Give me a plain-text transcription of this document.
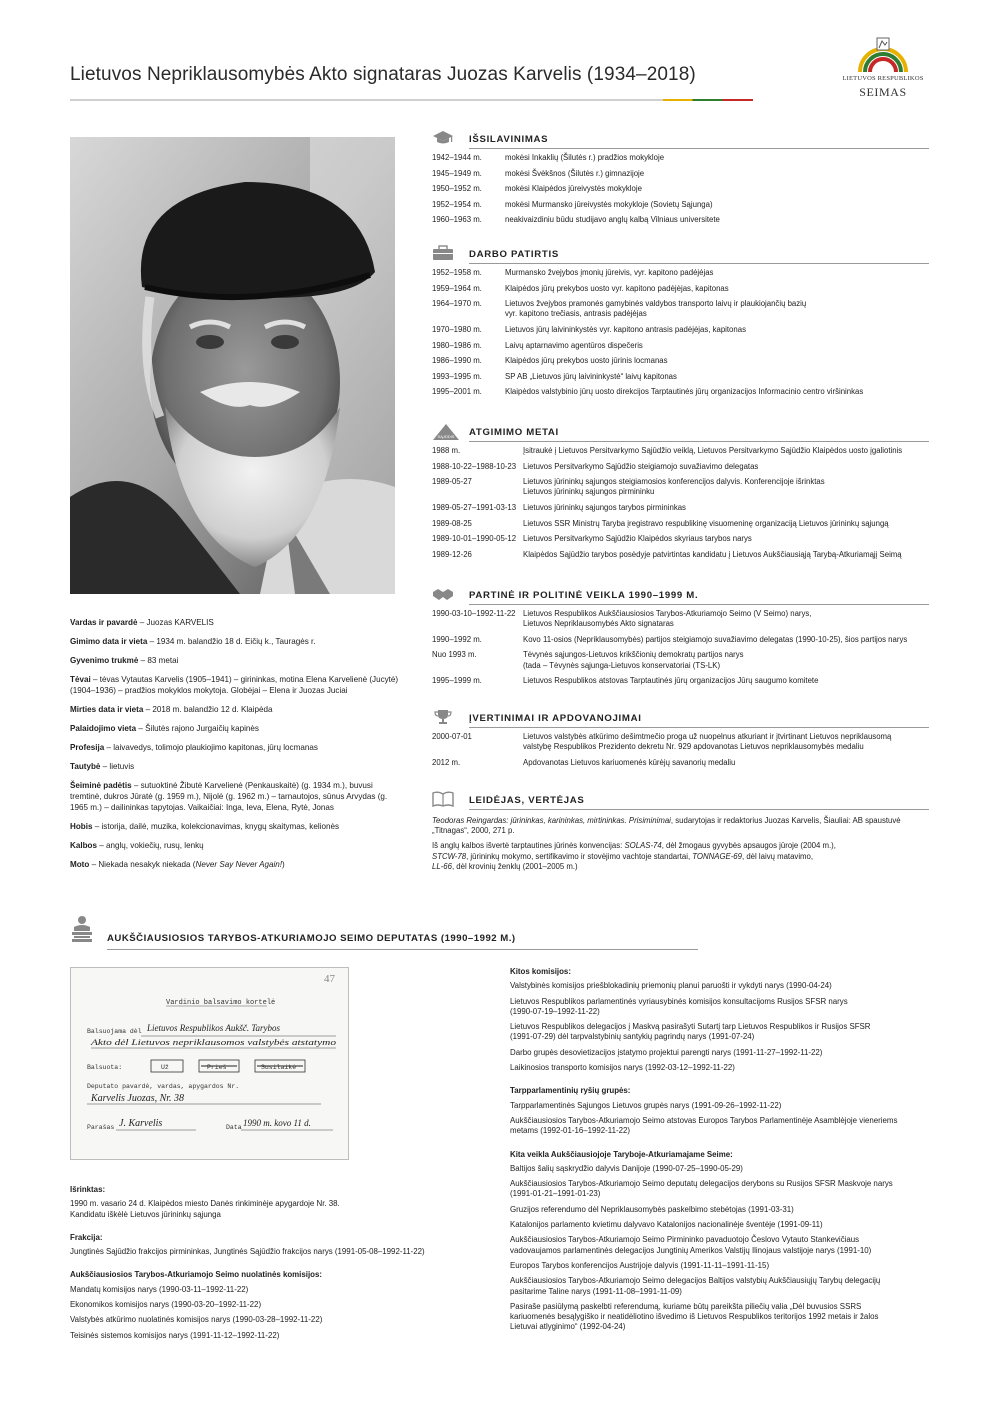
Lietuvos Nepriklausomybės Akto signataras Juozas Karvelis (1934–2018)	LIETUVOS RESPUBLIKOS
SEIMAS
Vardas ir pavardė – Juozas KARVELIS
Gimimo data ir vieta – 1934 m. balandžio 18 d. Eičių k., Tauragės r.
Gyvenimo trukmė – 83 metai
Tėvai – tėvas Vytautas Karvelis (1905–1941) – girininkas, motina Elena Karvelienė (Jucytė) (1904–1936) – pradžios mokyklos mokytoja. Globėjai – Elena ir Juozas Juciai
Mirties data ir vieta – 2018 m. balandžio 12 d. Klaipėda
Palaidojimo vieta – Šilutės rajono Jurgaičių kapinės
Profesija – laivavedys, tolimojo plaukiojimo kapitonas, jūrų locmanas
Tautybė – lietuvis
Šeiminė padėtis – sutuoktinė Žibutė Karvelienė (Penkauskaitė) (g. 1934 m.), buvusi tremtinė, dukros Jūratė (g. 1959 m.), Nijolė (g. 1962 m.) – tarnautojos, sūnus Arvydas (g. 1965 m.) – dailininkas tapytojas. Vaikaičiai: Inga, Ieva, Elena, Rytė, Jonas
Hobis – istorija, dailė, muzika, kolekcionavimas, knygų skaitymas, kelionės
Kalbos – anglų, vokiečių, rusų, lenkų
Moto – Niekada nesakyk niekada (Never Say Never Again!)
IŠSILAVINIMAS
1942–1944 m.	mokėsi Inkaklių (Šilutės r.) pradžios mokykloje
1945–1949 m.	mokėsi Švėkšnos (Šilutės r.) gimnazijoje
1950–1952 m.	mokėsi Klaipėdos jūreivystės mokykloje
1952–1954 m.	mokėsi Murmansko jūreivystės mokykloje (Sovietų Sąjunga)
1960–1963 m.	neakivaizdiniu būdu studijavo anglų kalbą Vilniaus universitete
DARBO PATIRTIS
1952–1958 m.	Murmansko žvejybos įmonių jūreivis, vyr. kapitono padėjėjas
1959–1964 m.	Klaipėdos jūrų prekybos uosto vyr. kapitono padėjėjas, kapitonas
1964–1970 m.	Lietuvos žvejybos pramonės gamybinės valdybos transporto laivų ir plaukiojančių bazių
vyr. kapitono trečiasis, antrasis padėjėjas
1970–1980 m.	Lietuvos jūrų laivininkystės vyr. kapitono antrasis padėjėjas, kapitonas
1980–1986 m.	Laivų aptarnavimo agentūros dispečeris
1986–1990 m.	Klaipėdos jūrų prekybos uosto jūrinis locmanas
1993–1995 m.	SP AB „Lietuvos jūrų laivininkystė“ laivų kapitonas
1995–2001 m.	Klaipėdos valstybinio jūrų uosto direkcijos Tarptautinės jūrų organizacijos Informacinio centro viršininkas
SĄJŪDIS ATGIMIMO METAI
1988 m.	Įsitraukė į Lietuvos Persitvarkymo Sąjūdžio veiklą, Lietuvos Persitvarkymo Sąjūdžio Klaipėdos uosto įgaliotinis
1988-10-22–1988-10-23 Lietuvos Persitvarkymo Sąjūdžio steigiamojo suvažiavimo delegatas
1989-05-27	Lietuvos jūrininkų sąjungos steigiamosios konferencijos dalyvis. Konferencijoje išrinktas
Lietuvos jūrininkų sąjungos pirmininku
1989-05-27–1991-03-13 Lietuvos jūrininkų sąjungos tarybos pirmininkas
1989-08-25	Lietuvos SSR Ministrų Taryba įregistravo respublikinę visuomeninę organizaciją Lietuvos jūrininkų sąjungą
1989-10-01–1990-05-12 Lietuvos Persitvarkymo Sąjūdžio Klaipėdos skyriaus tarybos narys
1989-12-26	Klaipėdos Sąjūdžio tarybos posėdyje patvirtintas kandidatu į Lietuvos Aukščiausiąją Tarybą-Atkuriamąjį Seimą
PARTINĖ IR POLITINĖ VEIKLA 1990–1999 M.
1990-03-10–1992-11-22 Lietuvos Respublikos Aukščiausiosios Tarybos-Atkuriamojo Seimo (V Seimo) narys,
Lietuvos Nepriklausomybės Akto signataras
1990–1992 m.	Kovo 11-osios (Nepriklausomybės) partijos steigiamojo suvažiavimo delegatas (1990-10-25), šios partijos narys
Nuo 1993 m.	Tėvynės sąjungos-Lietuvos krikščionių demokratų partijos narys
(tada – Tėvynės sąjunga-Lietuvos konservatoriai (TS-LK)
1995–1999 m.	Lietuvos Respublikos atstovas Tarptautinės jūrų organizacijos Jūrų saugumo komitete
ĮVERTINIMAI IR APDOVANOJIMAI
2000-07-01	Lietuvos valstybės atkūrimo dešimtmečio proga už nuopelnus atkuriant ir įtvirtinant Lietuvos nepriklausomą
valstybę Respublikos Prezidento dekretu Nr. 929 apdovanotas Lietuvos nepriklausomybės medaliu
2012 m.	Apdovanotas Lietuvos kariuomenės kūrėjų savanorių medaliu
LEIDĖJAS, VERTĖJAS
Teodoras Reingardas: jūrininkas, karininkas, mirtininkas. Prisiminimai, sudarytojas ir redaktorius Juozas Karvelis, Šiauliai: AB spaustuvė „Titnagas“, 2000, 271 p.
Iš anglų kalbos išvertė tarptautines jūrinės konvencijas: SOLAS-74, dėl žmogaus gyvybės apsaugos jūroje (2004 m.),
STCW-78, jūrininkų mokymo, sertifikavimo ir stovėjimo vachtoje standartai, TONNAGE-69, dėl laivų matavimo,
LL-66, dėl krovinių ženklų (2001–2005 m.)
AUKŠČIAUSIOSIOS TARYBOS-ATKURIAMOJO SEIMO DEPUTATAS (1990–1992 M.)
47
Vardinio balsavimo kortelė
Balsuojama dėl Lietuvos Respublikos Aukšč. Tarybos
Akto dėl Lietuvos nepriklausomos valstybės atstatymo
Balsuota:	Už	Prieš	Susilaikė
Deputato pavardė, vardas, apygardos Nr.
Karvelis Juozas, Nr. 38
Parašas J. Karvelis	Data 1990 m. kovo 11 d.
Išrinktas:
1990 m. vasario 24 d. Klaipėdos miesto Danės rinkiminėje apygardoje Nr. 38.
Kandidatu iškėlė Lietuvos jūrininkų sąjunga
Frakcija:
Jungtinės Sąjūdžio frakcijos pirmininkas, Jungtinės Sąjūdžio frakcijos narys (1991-05-08–1992-11-22)
Aukščiausiosios Tarybos-Atkuriamojo Seimo nuolatinės komisijos:
Mandatų komisijos narys (1990-03-11–1992-11-22)
Ekonomikos komisijos narys (1990-03-20–1992-11-22)
Valstybės atkūrimo nuolatinės komisijos narys (1990-03-28–1992-11-22)
Teisinės sistemos komisijos narys (1991-11-12–1992-11-22)
Kitos komisijos:
Valstybinės komisijos priešblokadinių priemonių planui paruošti ir vykdyti narys (1990-04-24)
Lietuvos Respublikos parlamentinės vyriausybinės komisijos konsultacijoms Rusijos SFSR narys
(1990-07-19–1992-11-22)
Lietuvos Respublikos delegacijos į Maskvą pasirašyti Sutartį tarp Lietuvos Respublikos ir Rusijos SFSR
(1991-07-29) dėl tarpvalstybinių santykių pagrindų narys (1991-07-24)
Darbo grupės desovietizacijos įstatymo projektui parengti narys (1991-11-27–1992-11-22)
Laikinosios transporto komisijos narys (1992-03-12–1992-11-22)
Tarpparlamentinių ryšių grupės:
Tarpparlamentinės Sąjungos Lietuvos grupės narys (1991-09-26–1992-11-22)
Aukščiausiosios Tarybos-Atkuriamojo Seimo atstovas Europos Tarybos Parlamentinėje Asamblėjoje vieneriems
metams (1992-01-16–1992-11-22)
Kita veikla Aukščiausiojoje Taryboje-Atkuriamajame Seime:
Baltijos šalių sąskrydžio dalyvis Danijoje (1990-07-25–1990-05-29)
Aukščiausiosios Tarybos-Atkuriamojo Seimo deputatų delegacijos derybons su Rusijos SFSR Maskvoje narys
(1991-01-21–1991-01-23)
Gruzijos referendumo dėl Nepriklausomybės paskelbimo stebėtojas (1991-03-31)
Katalonijos parlamento kvietimu dalyvavo Katalonijos nacionalinėje šventėje (1991-09-11)
Aukščiausiosios Tarybos-Atkuriamojo Seimo Pirmininko pavaduotojo Česlovo Vytauto Stankevičiaus
vadovaujamos parlamentinės delegacijos Jungtinių Amerikos Valstijų Ilinojaus valstijoje narys (1991-10)
Europos Tarybos konferencijos Austrijoje dalyvis (1991-11-11–1991-11-15)
Aukščiausiosios Tarybos-Atkuriamojo Seimo delegacijos Baltijos valstybių Aukščiausiųjų Tarybų delegacijų
pasitarime Taline narys (1991-11-08–1991-11-09)
Pasiraše pasiūlymą paskelbti referendumą, kuriame būtų pareikšta piliečių valia „Dėl buvusios SSRS
kariuomenės besąlygiško ir neatidėliotino išvedimo iš Lietuvos Respublikos teritorijos 1992 metais ir žalos
Lietuvai atlyginimo“ (1992-04-24)
